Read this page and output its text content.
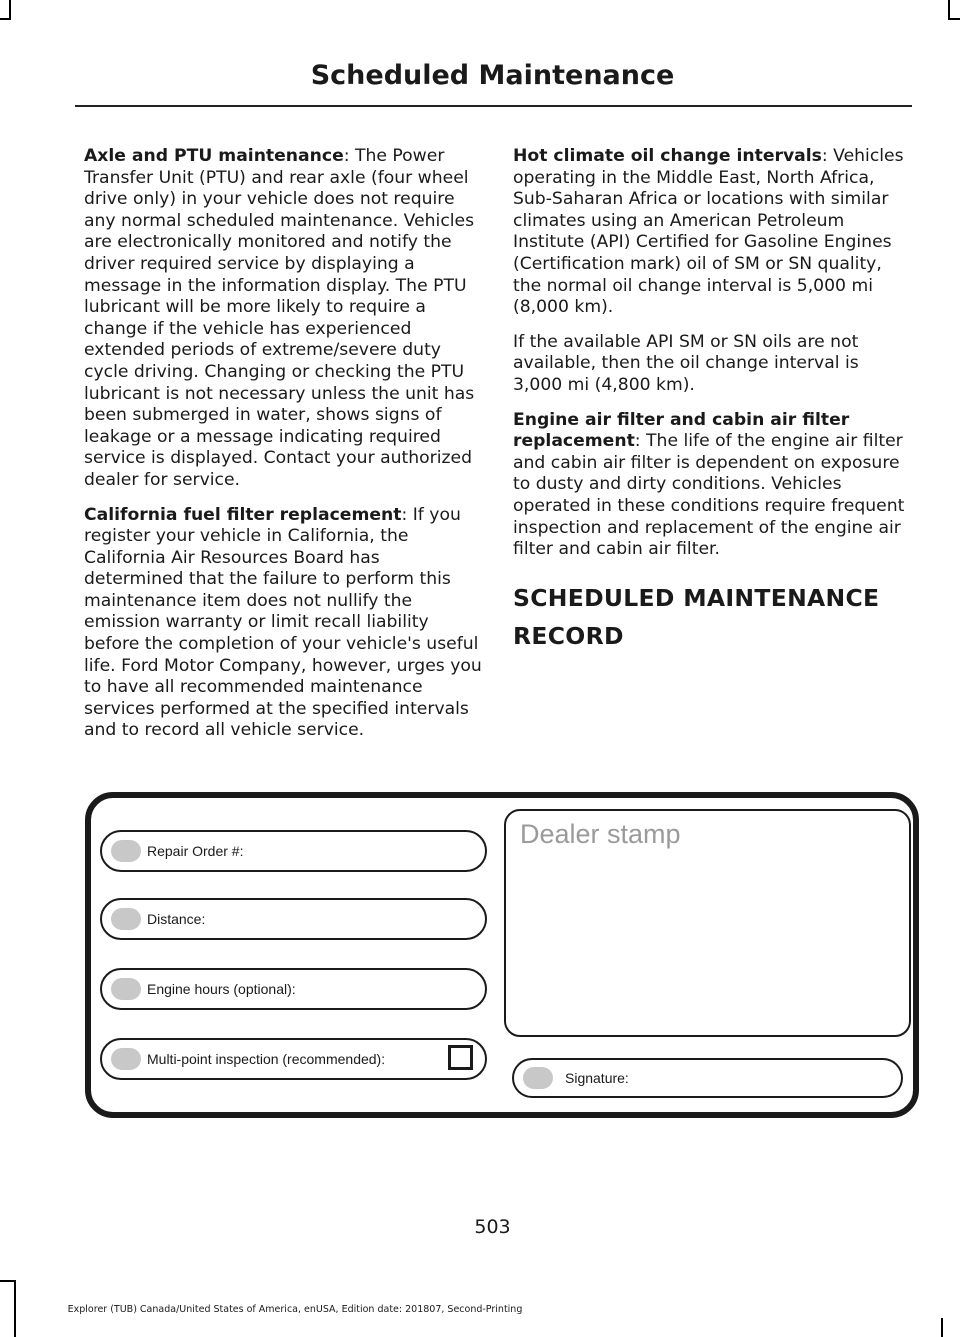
Scheduled Maintenance

Axle and PTU maintenance: The Power Transfer Unit (PTU) and rear axle (four wheel drive only) in your vehicle does not require any normal scheduled maintenance. Vehicles are electronically monitored and notify the driver required service by displaying a message in the information display. The PTU lubricant will be more likely to require a change if the vehicle has experienced extended periods of extreme/severe duty cycle driving. Changing or checking the PTU lubricant is not necessary unless the unit has been submerged in water, shows signs of leakage or a message indicating required service is displayed. Contact your authorized dealer for service.

California fuel filter replacement: If you register your vehicle in California, the California Air Resources Board has determined that the failure to perform this maintenance item does not nullify the emission warranty or limit recall liability before the completion of your vehicle's useful life. Ford Motor Company, however, urges you to have all recommended maintenance services performed at the specified intervals and to record all vehicle service.

Hot climate oil change intervals: Vehicles operating in the Middle East, North Africa, Sub-Saharan Africa or locations with similar climates using an American Petroleum Institute (API) Certified for Gasoline Engines (Certification mark) oil of SM or SN quality, the normal oil change interval is 5,000 mi (8,000 km).

If the available API SM or SN oils are not available, then the oil change interval is 3,000 mi (4,800 km).

Engine air filter and cabin air filter replacement: The life of the engine air filter and cabin air filter is dependent on exposure to dusty and dirty conditions. Vehicles operated in these conditions require frequent inspection and replacement of the engine air filter and cabin air filter.

SCHEDULED MAINTENANCE
RECORD
Repair Order #:
Distance:
Engine hours (optional):
Multi-point inspection (recommended):
Dealer stamp
Signature:
503
Explorer (TUB) Canada/United States of America, enUSA, Edition date: 201807, Second-Printing
